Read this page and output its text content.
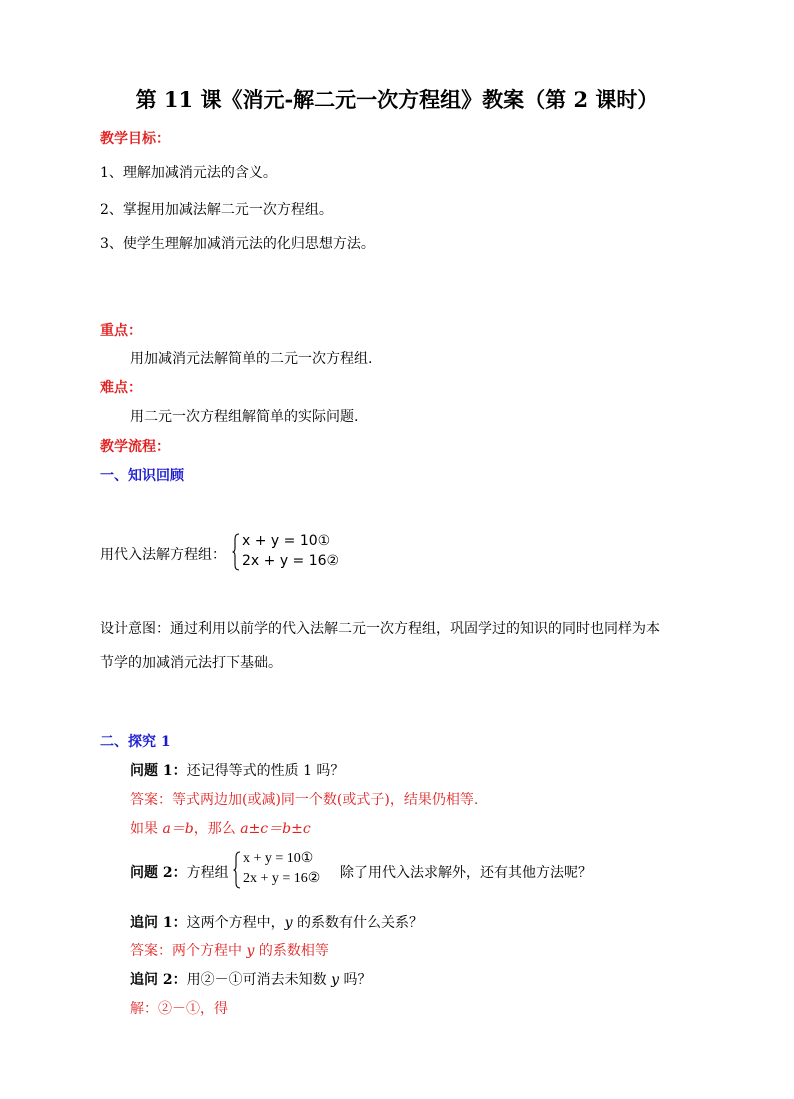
第 11 课《消元-解二元一次方程组》教案（第 2 课时）
教学目标：
1、理解加减消元法的含义。
2、掌握用加减法解二元一次方程组。
3、使学生理解加减消元法的化归思想方法。
重点：
用加减消元法解简单的二元一次方程组.
难点：
用二元一次方程组解简单的实际问题.
教学流程：
一、知识回顾
用代入法解方程组：
x + y = 10①
2x + y = 16②
设计意图：通过利用以前学的代入法解二元一次方程组，巩固学过的知识的同时也同样为本
节学的加减消元法打下基础。
二、探究 1
问题 1：还记得等式的性质 1 吗？
答案：等式两边加(或减)同一个数(或式子)，结果仍相等.
如果 a＝b，那么 a±c＝b±c
问题 2：方程组
x + y = 10①
2x + y = 16② 除了用代入法求解外，还有其他方法呢？
追问 1：这两个方程中，y 的系数有什么关系？
答案：两个方程中 y 的系数相等
追问 2：用②－①可消去未知数 y 吗？
解：②－①，得
